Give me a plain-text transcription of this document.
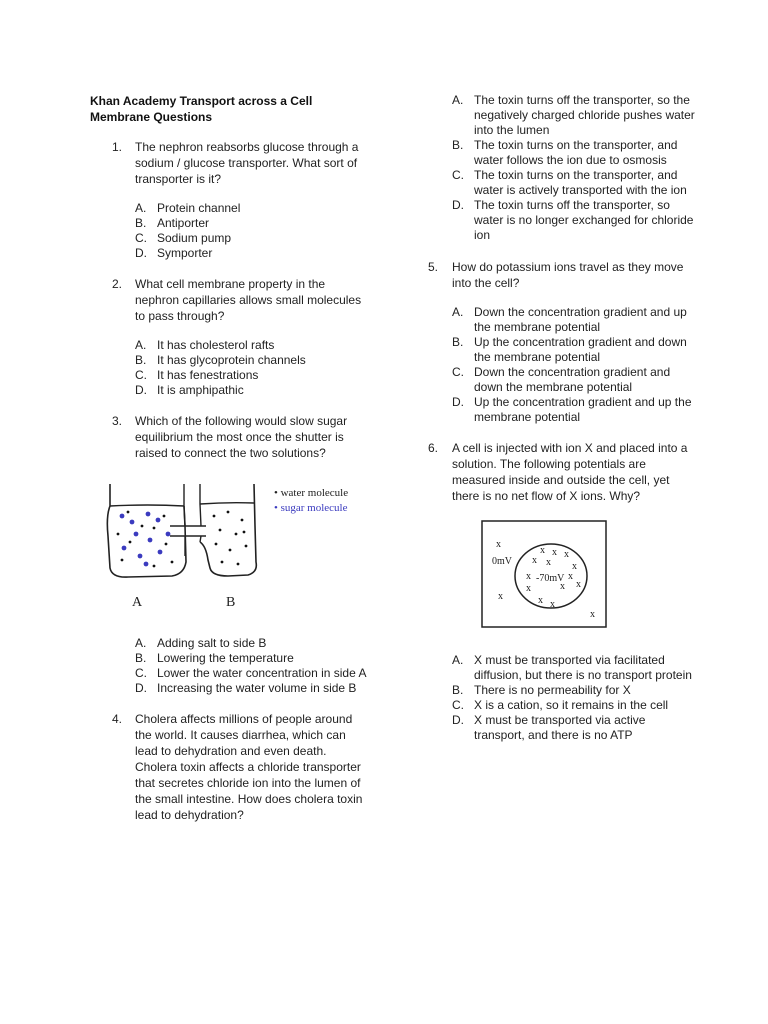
Khan Academy Transport across a Cell Membrane Questions
1. The nephron reabsorbs glucose through a sodium / glucose transporter. What sort of transporter is it?
A. Protein channel
B. Antiporter
C. Sodium pump
D. Symporter
2. What cell membrane property in the nephron capillaries allows small molecules to pass through?
A. It has cholesterol rafts
B. It has glycoprotein channels
C. It has fenestrations
D. It is amphipathic
3. Which of the following would slow sugar equilibrium the most once the shutter is raised to connect the two solutions?
• water molecule
• sugar molecule
A	B
A. Adding salt to side B
B. Lowering the temperature
C. Lower the water concentration in side A
D. Increasing the water volume in side B
4. Cholera affects millions of people around the world. It causes diarrhea, which can lead to dehydration and even death. Cholera toxin affects a chloride transporter that secretes chloride ion into the lumen of the small intestine. How does cholera toxin lead to dehydration?
A. The toxin turns off the transporter, so the negatively charged chloride pushes water into the lumen
B. The toxin turns on the transporter, and water follows the ion due to osmosis
C. The toxin turns on the transporter, and water is actively transported with the ion
D. The toxin turns off the transporter, so water is no longer exchanged for chloride ion
5. How do potassium ions travel as they move into the cell?
A. Down the concentration gradient and up the membrane potential
B. Up the concentration gradient and down the membrane potential
C. Down the concentration gradient and down the membrane potential
D. Up the concentration gradient and up the membrane potential
6. A cell is injected with ion X and placed into a solution. The following potentials are measured inside and outside the cell, yet there is no net flow of X ions. Why?
0mV
-70mV
x
x
x
x x x
x x x
x	x
x
x	x
x x
A. X must be transported via facilitated diffusion, but there is no transport protein
B. There is no permeability for X
C. X is a cation, so it remains in the cell
D. X must be transported via active transport, and there is no ATP
